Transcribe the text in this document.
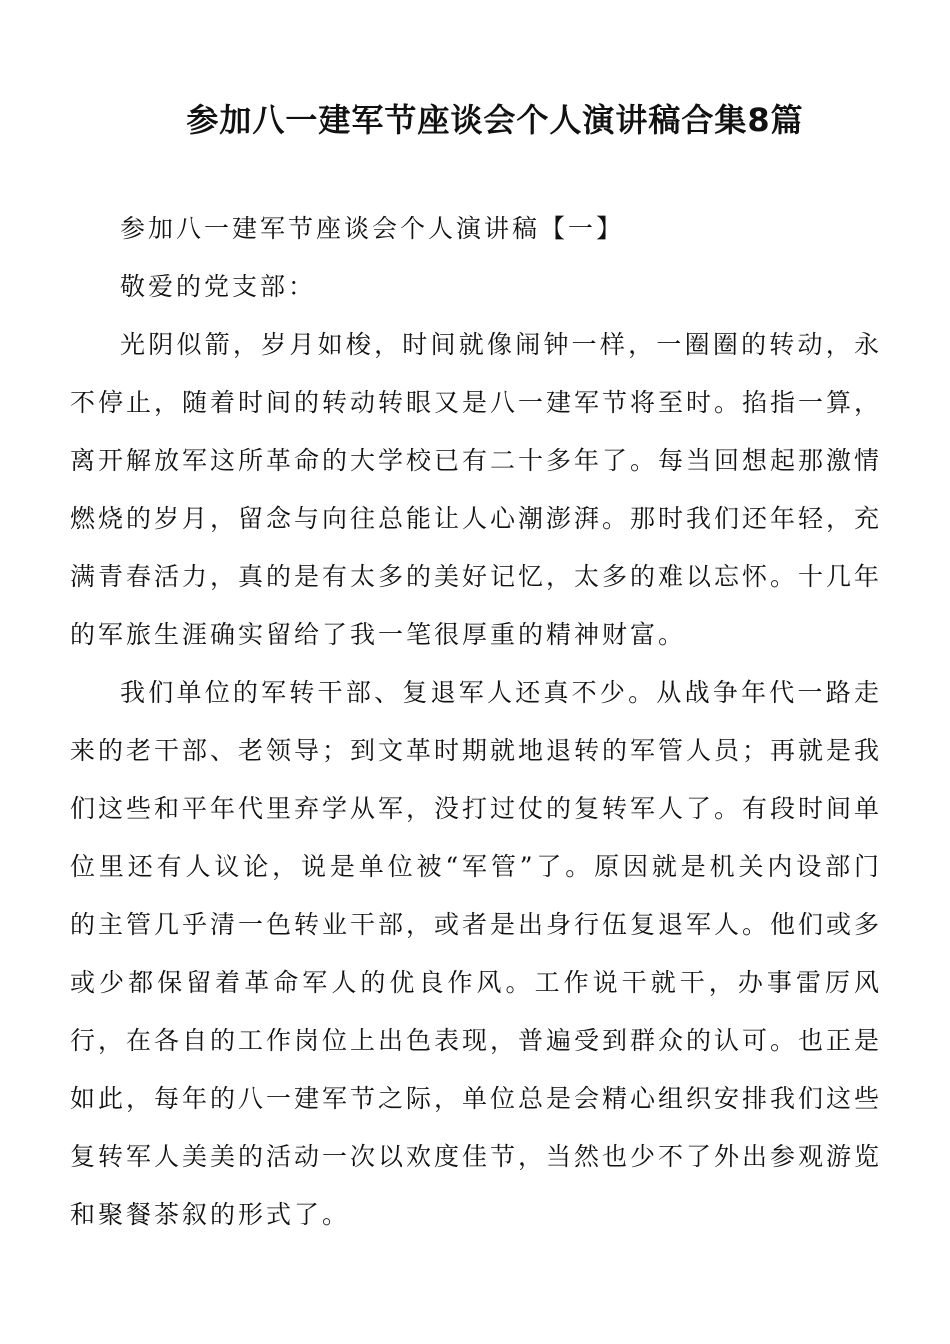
参加八一建军节座谈会个人演讲稿合集8篇

参加八一建军节座谈会个人演讲稿【一】

敬爱的党支部：

光阴似箭，岁月如梭，时间就像闹钟一样，一圈圈的转动，永不停止，随着时间的转动转眼又是八一建军节将至时。掐指一算，离开解放军这所革命的大学校已有二十多年了。每当回想起那激情燃烧的岁月，留念与向往总能让人心潮澎湃。那时我们还年轻，充满青春活力，真的是有太多的美好记忆，太多的难以忘怀。十几年的军旅生涯确实留给了我一笔很厚重的精神财富。

我们单位的军转干部、复退军人还真不少。从战争年代一路走来的老干部、老领导；到文革时期就地退转的军管人员；再就是我们这些和平年代里弃学从军，没打过仗的复转军人了。有段时间单位里还有人议论，说是单位被“军管”了。原因就是机关内设部门的主管几乎清一色转业干部，或者是出身行伍复退军人。他们或多或少都保留着革命军人的优良作风。工作说干就干，办事雷厉风行，在各自的工作岗位上出色表现，普遍受到群众的认可。也正是如此，每年的八一建军节之际，单位总是会精心组织安排我们这些复转军人美美的活动一次以欢度佳节，当然也少不了外出参观游览和聚餐茶叙的形式了。
